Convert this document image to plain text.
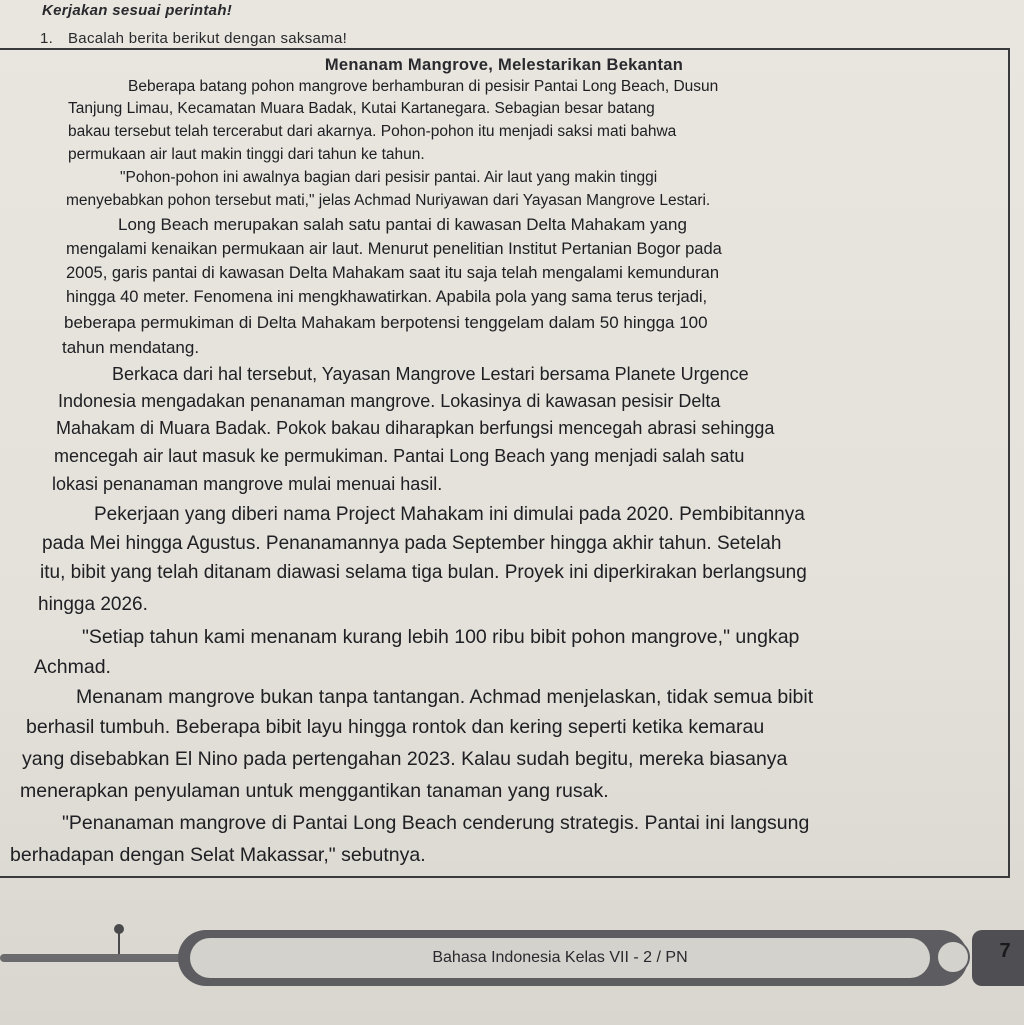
Kerjakan sesuai perintah!
1. Bacalah berita berikut dengan saksama!
Menanam Mangrove, Melestarikan Bekantan
Beberapa batang pohon mangrove berhamburan di pesisir Pantai Long Beach, Dusun
Tanjung Limau, Kecamatan Muara Badak, Kutai Kartanegara. Sebagian besar batang
bakau tersebut telah tercerabut dari akarnya. Pohon-pohon itu menjadi saksi mati bahwa
permukaan air laut makin tinggi dari tahun ke tahun.
"Pohon-pohon ini awalnya bagian dari pesisir pantai. Air laut yang makin tinggi
menyebabkan pohon tersebut mati," jelas Achmad Nuriyawan dari Yayasan Mangrove Lestari.
Long Beach merupakan salah satu pantai di kawasan Delta Mahakam yang
mengalami kenaikan permukaan air laut. Menurut penelitian Institut Pertanian Bogor pada
2005, garis pantai di kawasan Delta Mahakam saat itu saja telah mengalami kemunduran
hingga 40 meter. Fenomena ini mengkhawatirkan. Apabila pola yang sama terus terjadi,
beberapa permukiman di Delta Mahakam berpotensi tenggelam dalam 50 hingga 100
tahun mendatang.
Berkaca dari hal tersebut, Yayasan Mangrove Lestari bersama Planete Urgence
Indonesia mengadakan penanaman mangrove. Lokasinya di kawasan pesisir Delta
Mahakam di Muara Badak. Pokok bakau diharapkan berfungsi mencegah abrasi sehingga
mencegah air laut masuk ke permukiman. Pantai Long Beach yang menjadi salah satu
lokasi penanaman mangrove mulai menuai hasil.
Pekerjaan yang diberi nama Project Mahakam ini dimulai pada 2020. Pembibitannya
pada Mei hingga Agustus. Penanamannya pada September hingga akhir tahun. Setelah
itu, bibit yang telah ditanam diawasi selama tiga bulan. Proyek ini diperkirakan berlangsung
hingga 2026.
"Setiap tahun kami menanam kurang lebih 100 ribu bibit pohon mangrove," ungkap
Achmad.
Menanam mangrove bukan tanpa tantangan. Achmad menjelaskan, tidak semua bibit
berhasil tumbuh. Beberapa bibit layu hingga rontok dan kering seperti ketika kemarau
yang disebabkan El Nino pada pertengahan 2023. Kalau sudah begitu, mereka biasanya
menerapkan penyulaman untuk menggantikan tanaman yang rusak.
"Penanaman mangrove di Pantai Long Beach cenderung strategis. Pantai ini langsung
berhadapan dengan Selat Makassar," sebutnya.
Bahasa Indonesia Kelas VII - 2 / PN	7
